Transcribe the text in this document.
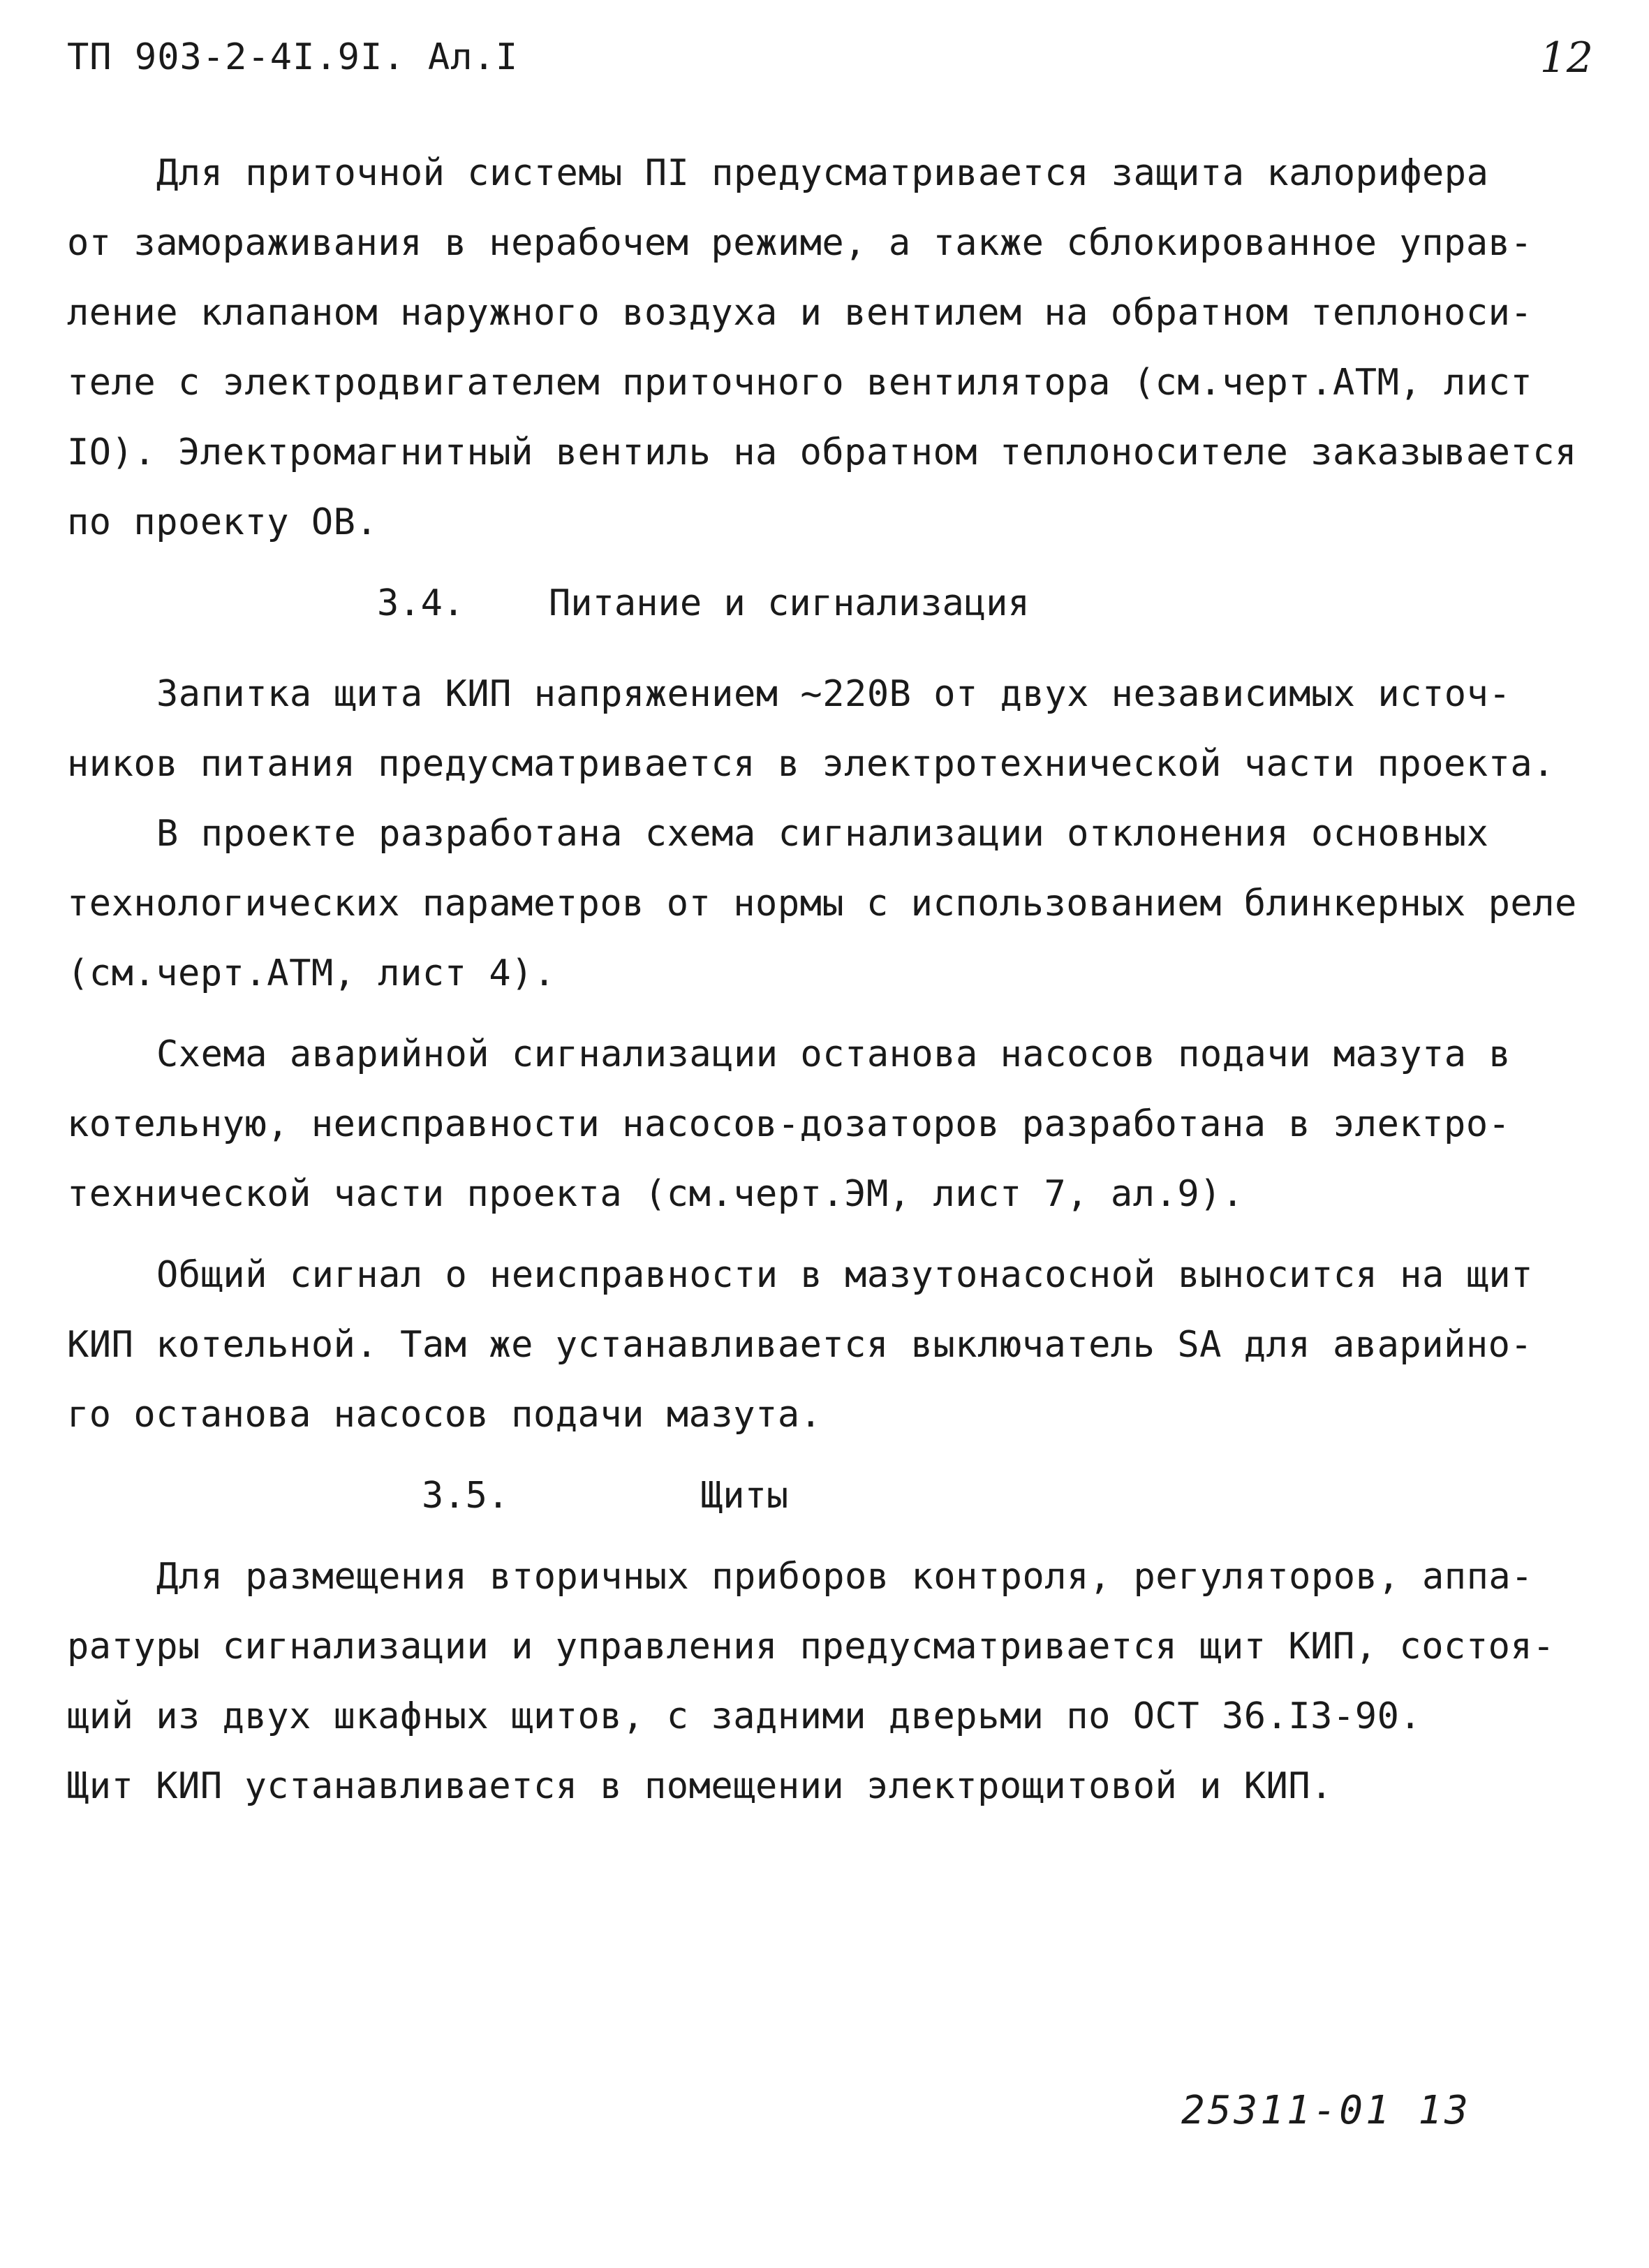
ТП 903-2-4I.9I. Ал.I	12

Для приточной системы ПI предусматривается защита калорифера
от замораживания в нерабочем режиме, а также сблокированное управ-
ление клапаном наружного воздуха и вентилем на обратном теплоноси-
теле с электродвигателем приточного вентилятора (см.черт.АТМ, лист
IO). Электромагнитный вентиль на обратном теплоносителе заказывается
по проекту ОВ.

3.4. Питание и сигнализация

Запитка щита КИП напряжением ~220В от двух независимых источ-
ников питания предусматривается в электротехнической части проекта.

В проекте разработана схема сигнализации отклонения основных
технологических параметров от нормы с использованием блинкерных реле
(см.черт.АТМ, лист 4).

Схема аварийной сигнализации останова насосов подачи мазута в
котельную, неисправности насосов-дозаторов разработана в электро-
технической части проекта (см.черт.ЭМ, лист 7, ал.9).

Общий сигнал о неисправности в мазутонасосной выносится на щит
КИП котельной. Там же устанавливается выключатель SA для аварийно-
го останова насосов подачи мазута.

3.5.	Щиты

Для размещения вторичных приборов контроля, регуляторов, аппа-
ратуры сигнализации и управления предусматривается щит КИП, состоя-
щий из двух шкафных щитов, с задними дверьми по ОСТ 36.I3-90.
Щит КИП устанавливается в помещении электрощитовой и КИП.

25311-01 13
